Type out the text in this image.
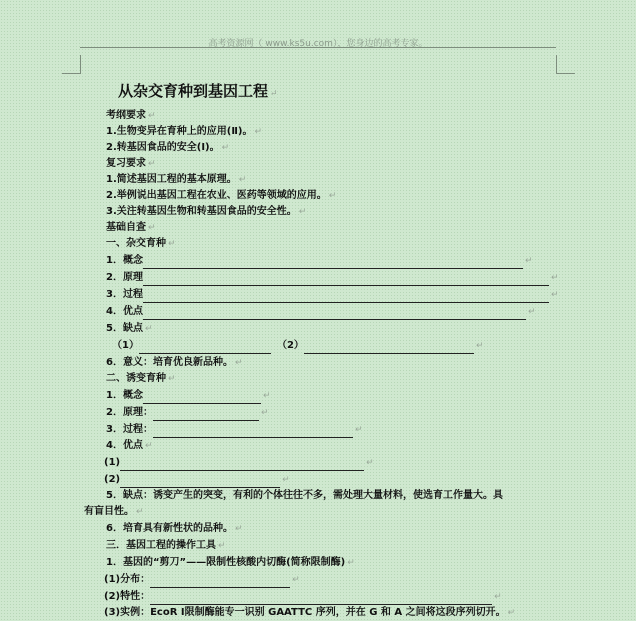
高考资源网（ www.ks5u.com），您身边的高考专家。
从杂交育种到基因工程 ↵
考纲要求 ↵
1.生物变异在育种上的应用(Ⅱ)。 ↵
2.转基因食品的安全(Ⅰ)。 ↵
复习要求 ↵
1.简述基因工程的基本原理。 ↵
2.举例说出基因工程在农业、医药等领域的应用。 ↵
3.关注转基因生物和转基因食品的安全性。 ↵
基础自查 ↵
一、杂交育种 ↵
1．概念	↵
2．原理	↵
3．过程	↵
4．优点	↵
5．缺点 ↵
（1）	（2）	↵
6．意义：培育优良新品种。 ↵
二、诱变育种 ↵
1．概念	↵
2．原理：	↵
3．过程：	↵
4．优点 ↵
(1)	↵
(2)	↵
5．缺点：诱变产生的突变，有利的个体往往不多，需处理大量材料，使选育工作量大。具
有盲目性。 ↵
6．培育具有新性状的品种。 ↵
三．基因工程的操作工具 ↵
1．基因的“剪刀”——限制性核酸内切酶(简称限制酶) ↵
(1)分布：	↵
(2)特性：	↵
(3)实例：EcoR Ⅰ限制酶能专一识别 GAATTC 序列，并在 G 和 A 之间将这段序列切开。 ↵
